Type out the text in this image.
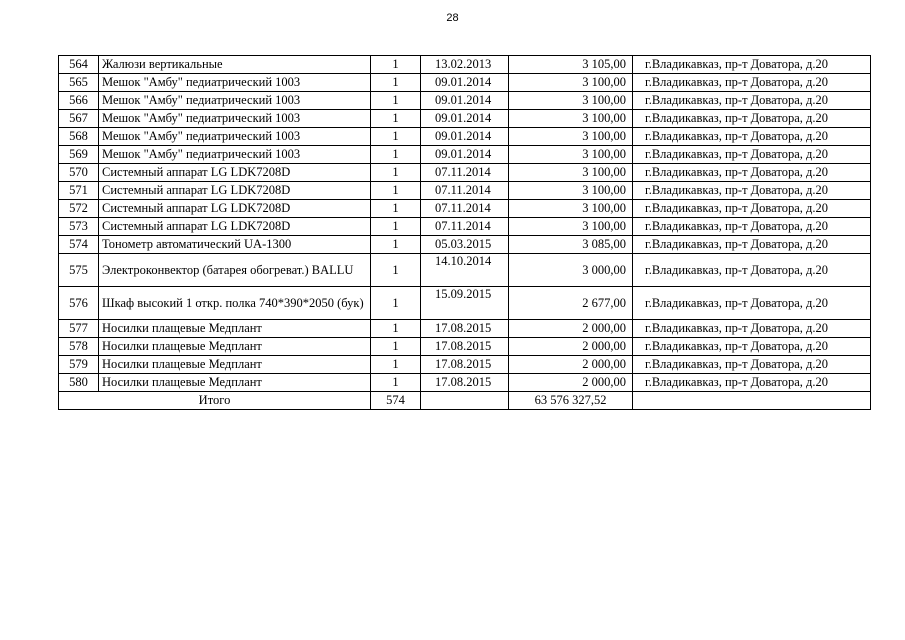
28
564	Жалюзи вертикальные	1	13.02.2013	3 105,00	г.Владикавказ, пр-т Доватора, д.20
565	Мешок "Амбу" педиатрический 1003	1	09.01.2014	3 100,00	г.Владикавказ, пр-т Доватора, д.20
566	Мешок "Амбу" педиатрический 1003	1	09.01.2014	3 100,00	г.Владикавказ, пр-т Доватора, д.20
567	Мешок "Амбу" педиатрический 1003	1	09.01.2014	3 100,00	г.Владикавказ, пр-т Доватора, д.20
568	Мешок "Амбу" педиатрический 1003	1	09.01.2014	3 100,00	г.Владикавказ, пр-т Доватора, д.20
569	Мешок "Амбу" педиатрический 1003	1	09.01.2014	3 100,00	г.Владикавказ, пр-т Доватора, д.20
570	Системный аппарат LG LDK7208D	1	07.11.2014	3 100,00	г.Владикавказ, пр-т Доватора, д.20
571	Системный аппарат LG LDK7208D	1	07.11.2014	3 100,00	г.Владикавказ, пр-т Доватора, д.20
572	Системный аппарат LG LDK7208D	1	07.11.2014	3 100,00	г.Владикавказ, пр-т Доватора, д.20
573	Системный аппарат LG LDK7208D	1	07.11.2014	3 100,00	г.Владикавказ, пр-т Доватора, д.20
574	Тонометр автоматический UA-1300	1	05.03.2015	3 085,00	г.Владикавказ, пр-т Доватора, д.20
575	Электроконвектор (батарея обогреват.) BALLU	1	14.10.2014	3 000,00	г.Владикавказ, пр-т Доватора, д.20
576	Шкаф высокий 1 откр. полка 740*390*2050 (бук)	1	15.09.2015	2 677,00	г.Владикавказ, пр-т Доватора, д.20
577	Носилки плащевые Медплант	1	17.08.2015	2 000,00	г.Владикавказ, пр-т Доватора, д.20
578	Носилки плащевые Медплант	1	17.08.2015	2 000,00	г.Владикавказ, пр-т Доватора, д.20
579	Носилки плащевые Медплант	1	17.08.2015	2 000,00	г.Владикавказ, пр-т Доватора, д.20
580	Носилки плащевые Медплант	1	17.08.2015	2 000,00	г.Владикавказ, пр-т Доватора, д.20
Итого		574		63 576 327,52	
